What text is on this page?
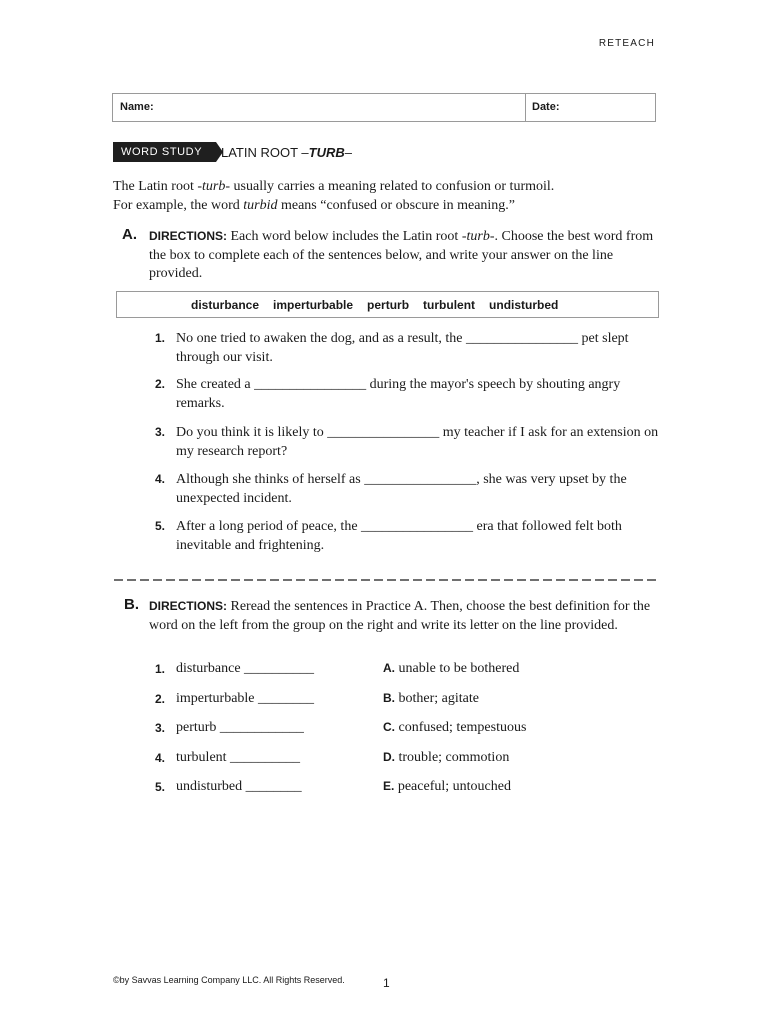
RETEACH
Name:	Date:
WORD STUDY	LATIN ROOT –TURB–
The Latin root -turb- usually carries a meaning related to confusion or turmoil.
For example, the word turbid means “confused or obscure in meaning.”
A. DIRECTIONS: Each word below includes the Latin root -turb-. Choose the best word from the box to complete each of the sentences below, and write your answer on the line provided.
disturbance imperturbable perturb turbulent undisturbed
1. No one tried to awaken the dog, and as a result, the ________________ pet slept through our visit.
2. She created a ________________ during the mayor's speech by shouting angry remarks.
3. Do you think it is likely to ________________ my teacher if I ask for an extension on my research report?
4. Although she thinks of herself as ________________, she was very upset by the unexpected incident.
5. After a long period of peace, the ________________ era that followed felt both inevitable and frightening.
B. DIRECTIONS: Reread the sentences in Practice A. Then, choose the best definition for the word on the left from the group on the right and write its letter on the line provided.
1. disturbance __________	A. unable to be bothered
2. imperturbable ________	B. bother; agitate
3. perturb ____________	C. confused; tempestuous
4. turbulent __________	D. trouble; commotion
5. undisturbed ________	E. peaceful; untouched
©by Savvas Learning Company LLC. All Rights Reserved.	1
